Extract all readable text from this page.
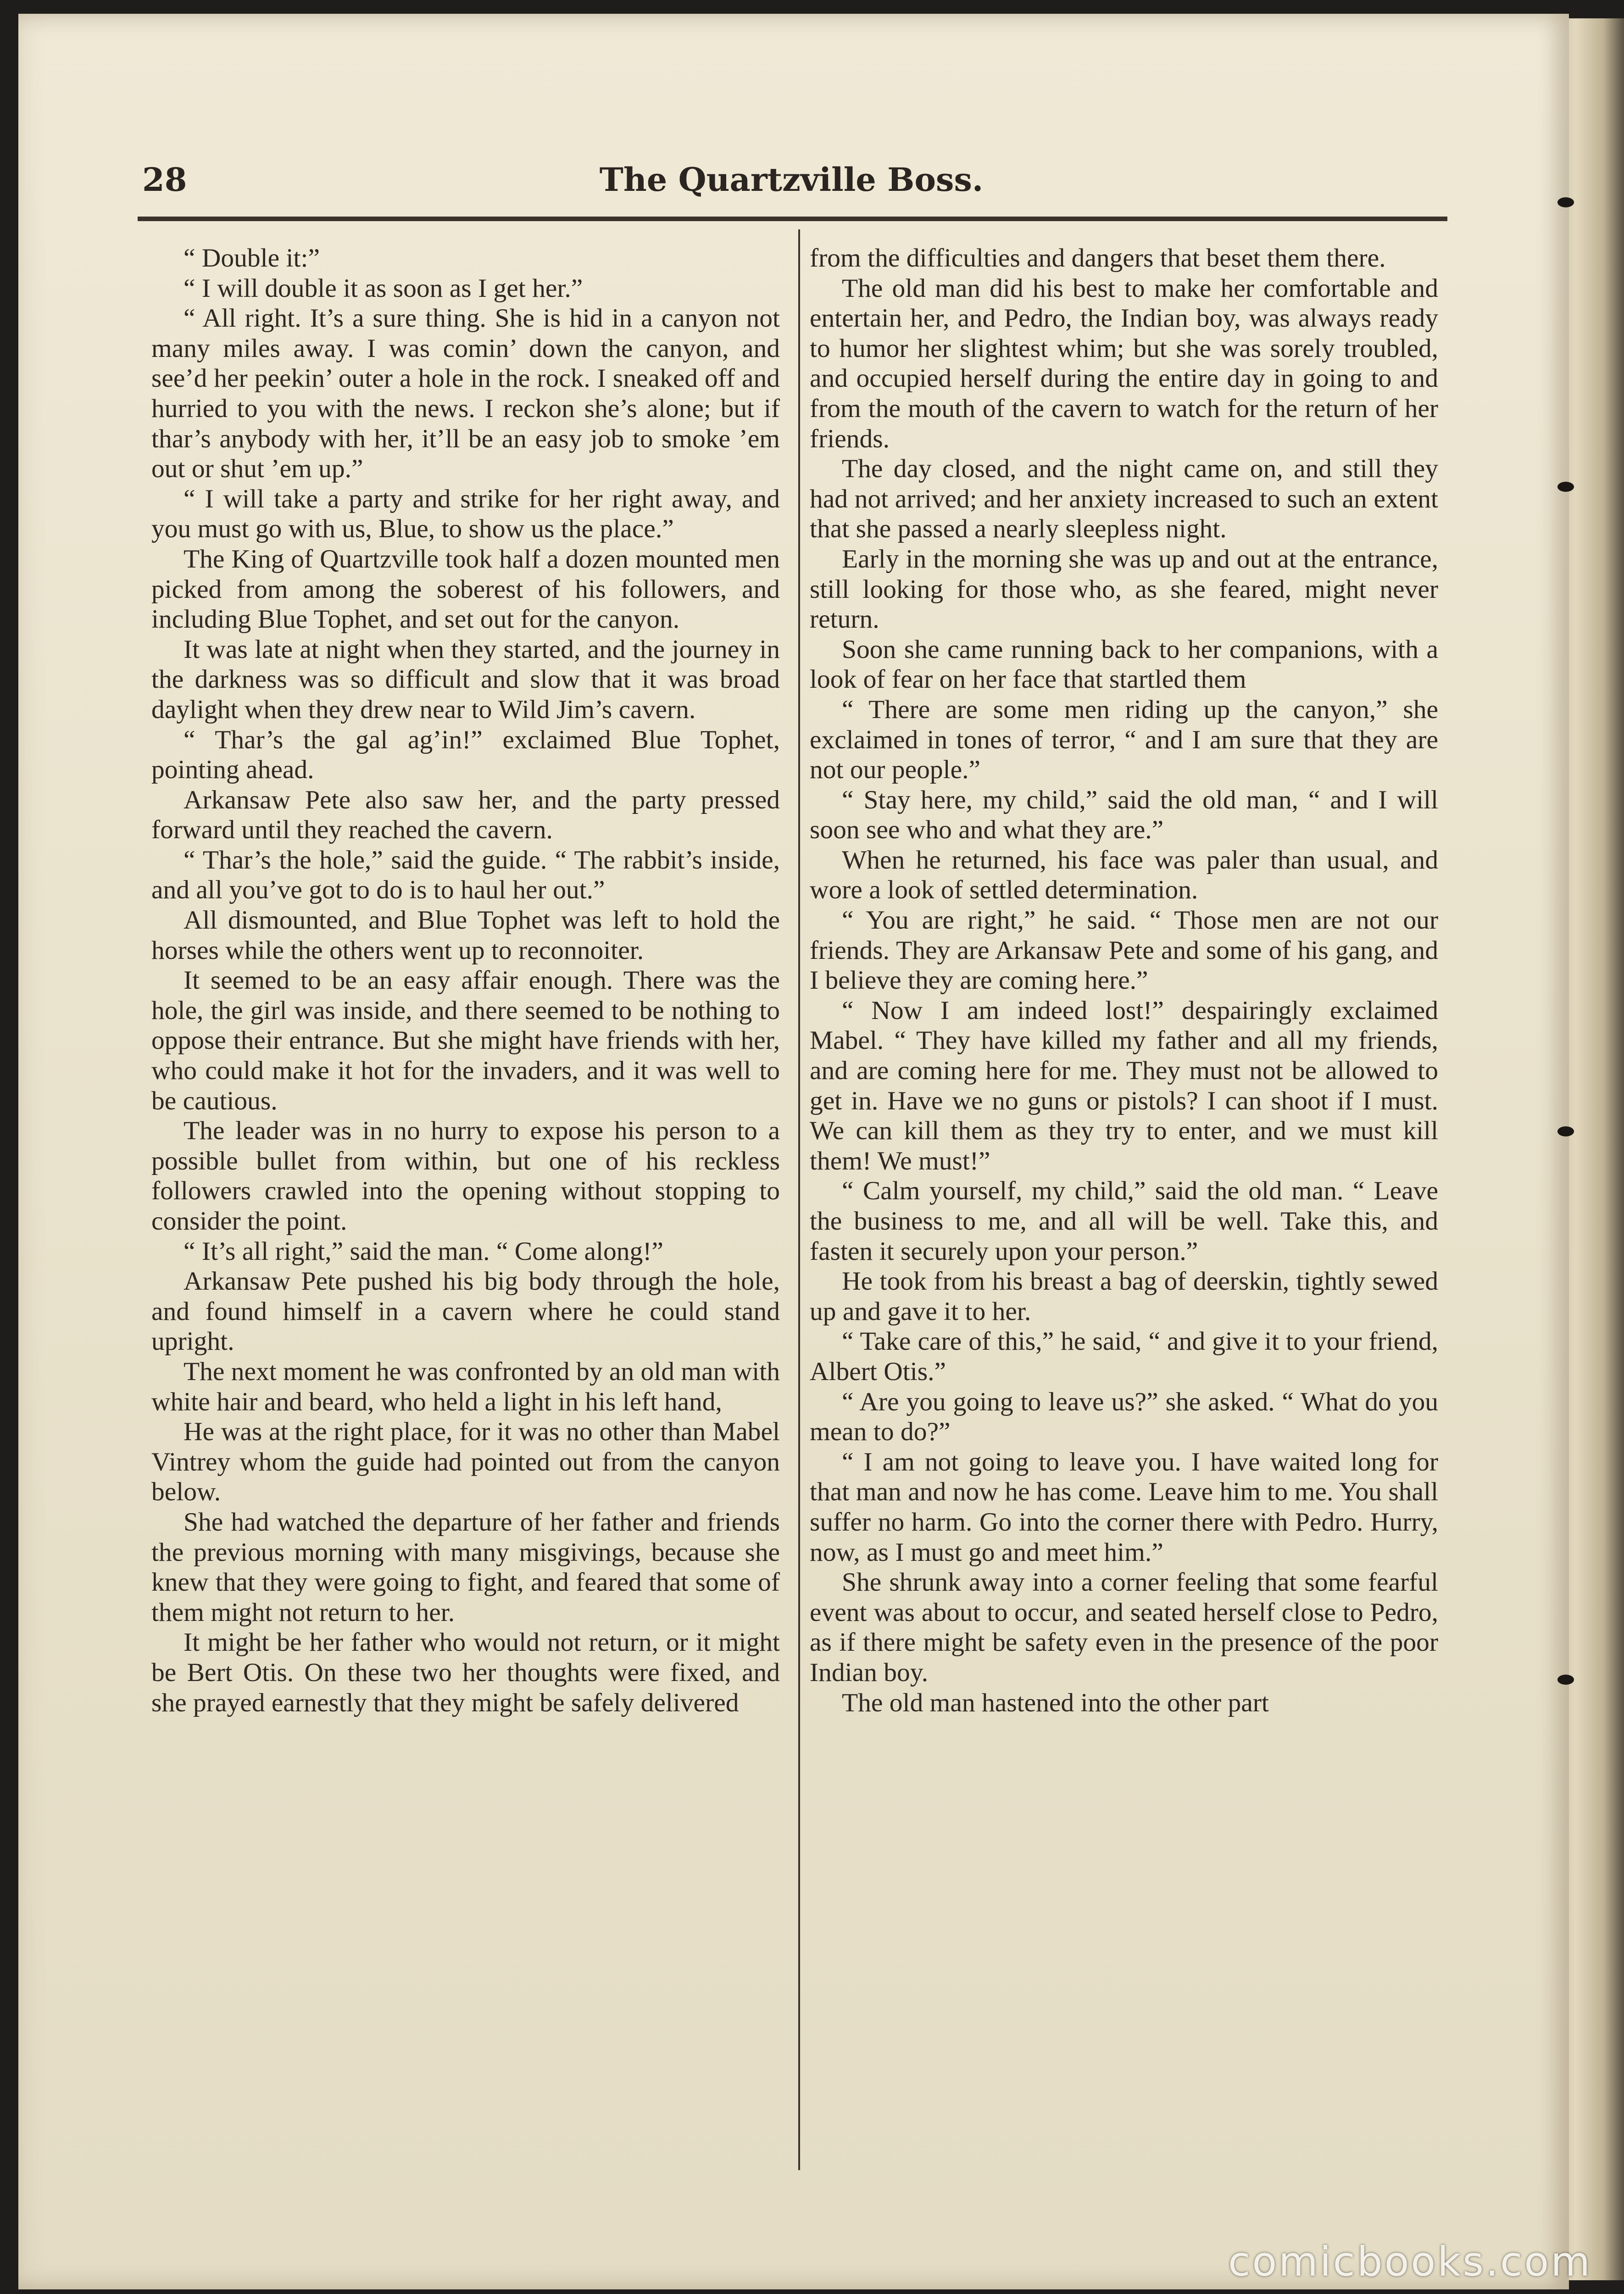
28	The Quartzville Boss.

“ Double it:”

“ I will double it as soon as I get her.”

“ All right. It’s a sure thing. She is hid in a canyon not many miles away. I was comin’ down the canyon, and see’d her peekin’ outer a hole in the rock. I sneaked off and hurried to you with the news. I reckon she’s alone; but if thar’s anybody with her, it’ll be an easy job to smoke ’em out or shut ’em up.”

“ I will take a party and strike for her right away, and you must go with us, Blue, to show us the place.”

The King of Quartzville took half a dozen mounted men picked from among the soberest of his followers, and including Blue Tophet, and set out for the canyon.

It was late at night when they started, and the journey in the darkness was so difficult and slow that it was broad daylight when they drew near to Wild Jim’s cavern.

“ Thar’s the gal ag’in!” exclaimed Blue Tophet, pointing ahead.

Arkansaw Pete also saw her, and the party pressed forward until they reached the cavern.

“ Thar’s the hole,” said the guide. “ The rabbit’s inside, and all you’ve got to do is to haul her out.”

All dismounted, and Blue Tophet was left to hold the horses while the others went up to reconnoiter.

It seemed to be an easy affair enough. There was the hole, the girl was inside, and there seemed to be nothing to oppose their entrance. But she might have friends with her, who could make it hot for the invaders, and it was well to be cautious.

The leader was in no hurry to expose his person to a possible bullet from within, but one of his reckless followers crawled into the opening without stopping to consider the point.

“ It’s all right,” said the man. “ Come along!”

Arkansaw Pete pushed his big body through the hole, and found himself in a cavern where he could stand upright.

The next moment he was confronted by an old man with white hair and beard, who held a light in his left hand,

He was at the right place, for it was no other than Mabel Vintrey whom the guide had pointed out from the canyon below.

She had watched the departure of her father and friends the previous morning with many misgivings, because she knew that they were going to fight, and feared that some of them might not return to her.

It might be her father who would not return, or it might be Bert Otis. On these two her thoughts were fixed, and she prayed earnestly that they might be safely delivered

from the difficulties and dangers that beset them there.

The old man did his best to make her comfortable and entertain her, and Pedro, the Indian boy, was always ready to humor her slightest whim; but she was sorely troubled, and occupied herself during the entire day in going to and from the mouth of the cavern to watch for the return of her friends.

The day closed, and the night came on, and still they had not arrived; and her anxiety increased to such an extent that she passed a nearly sleepless night.

Early in the morning she was up and out at the entrance, still looking for those who, as she feared, might never return.

Soon she came running back to her companions, with a look of fear on her face that startled them

“ There are some men riding up the canyon,” she exclaimed in tones of terror, “ and I am sure that they are not our people.”

“ Stay here, my child,” said the old man, “ and I will soon see who and what they are.”

When he returned, his face was paler than usual, and wore a look of settled determination.

“ You are right,” he said. “ Those men are not our friends. They are Arkansaw Pete and some of his gang, and I believe they are coming here.”

“ Now I am indeed lost!” despairingly exclaimed Mabel. “ They have killed my father and all my friends, and are coming here for me. They must not be allowed to get in. Have we no guns or pistols? I can shoot if I must. We can kill them as they try to enter, and we must kill them! We must!”

“ Calm yourself, my child,” said the old man. “ Leave the business to me, and all will be well. Take this, and fasten it securely upon your person.”

He took from his breast a bag of deerskin, tightly sewed up and gave it to her.

“ Take care of this,” he said, “ and give it to your friend, Albert Otis.”

“ Are you going to leave us?” she asked. “ What do you mean to do?”

“ I am not going to leave you. I have waited long for that man and now he has come. Leave him to me. You shall suffer no harm. Go into the corner there with Pedro. Hurry, now, as I must go and meet him.”

She shrunk away into a corner feeling that some fearful event was about to occur, and seated herself close to Pedro, as if there might be safety even in the presence of the poor Indian boy.

The old man hastened into the other part

comicbooks.com
